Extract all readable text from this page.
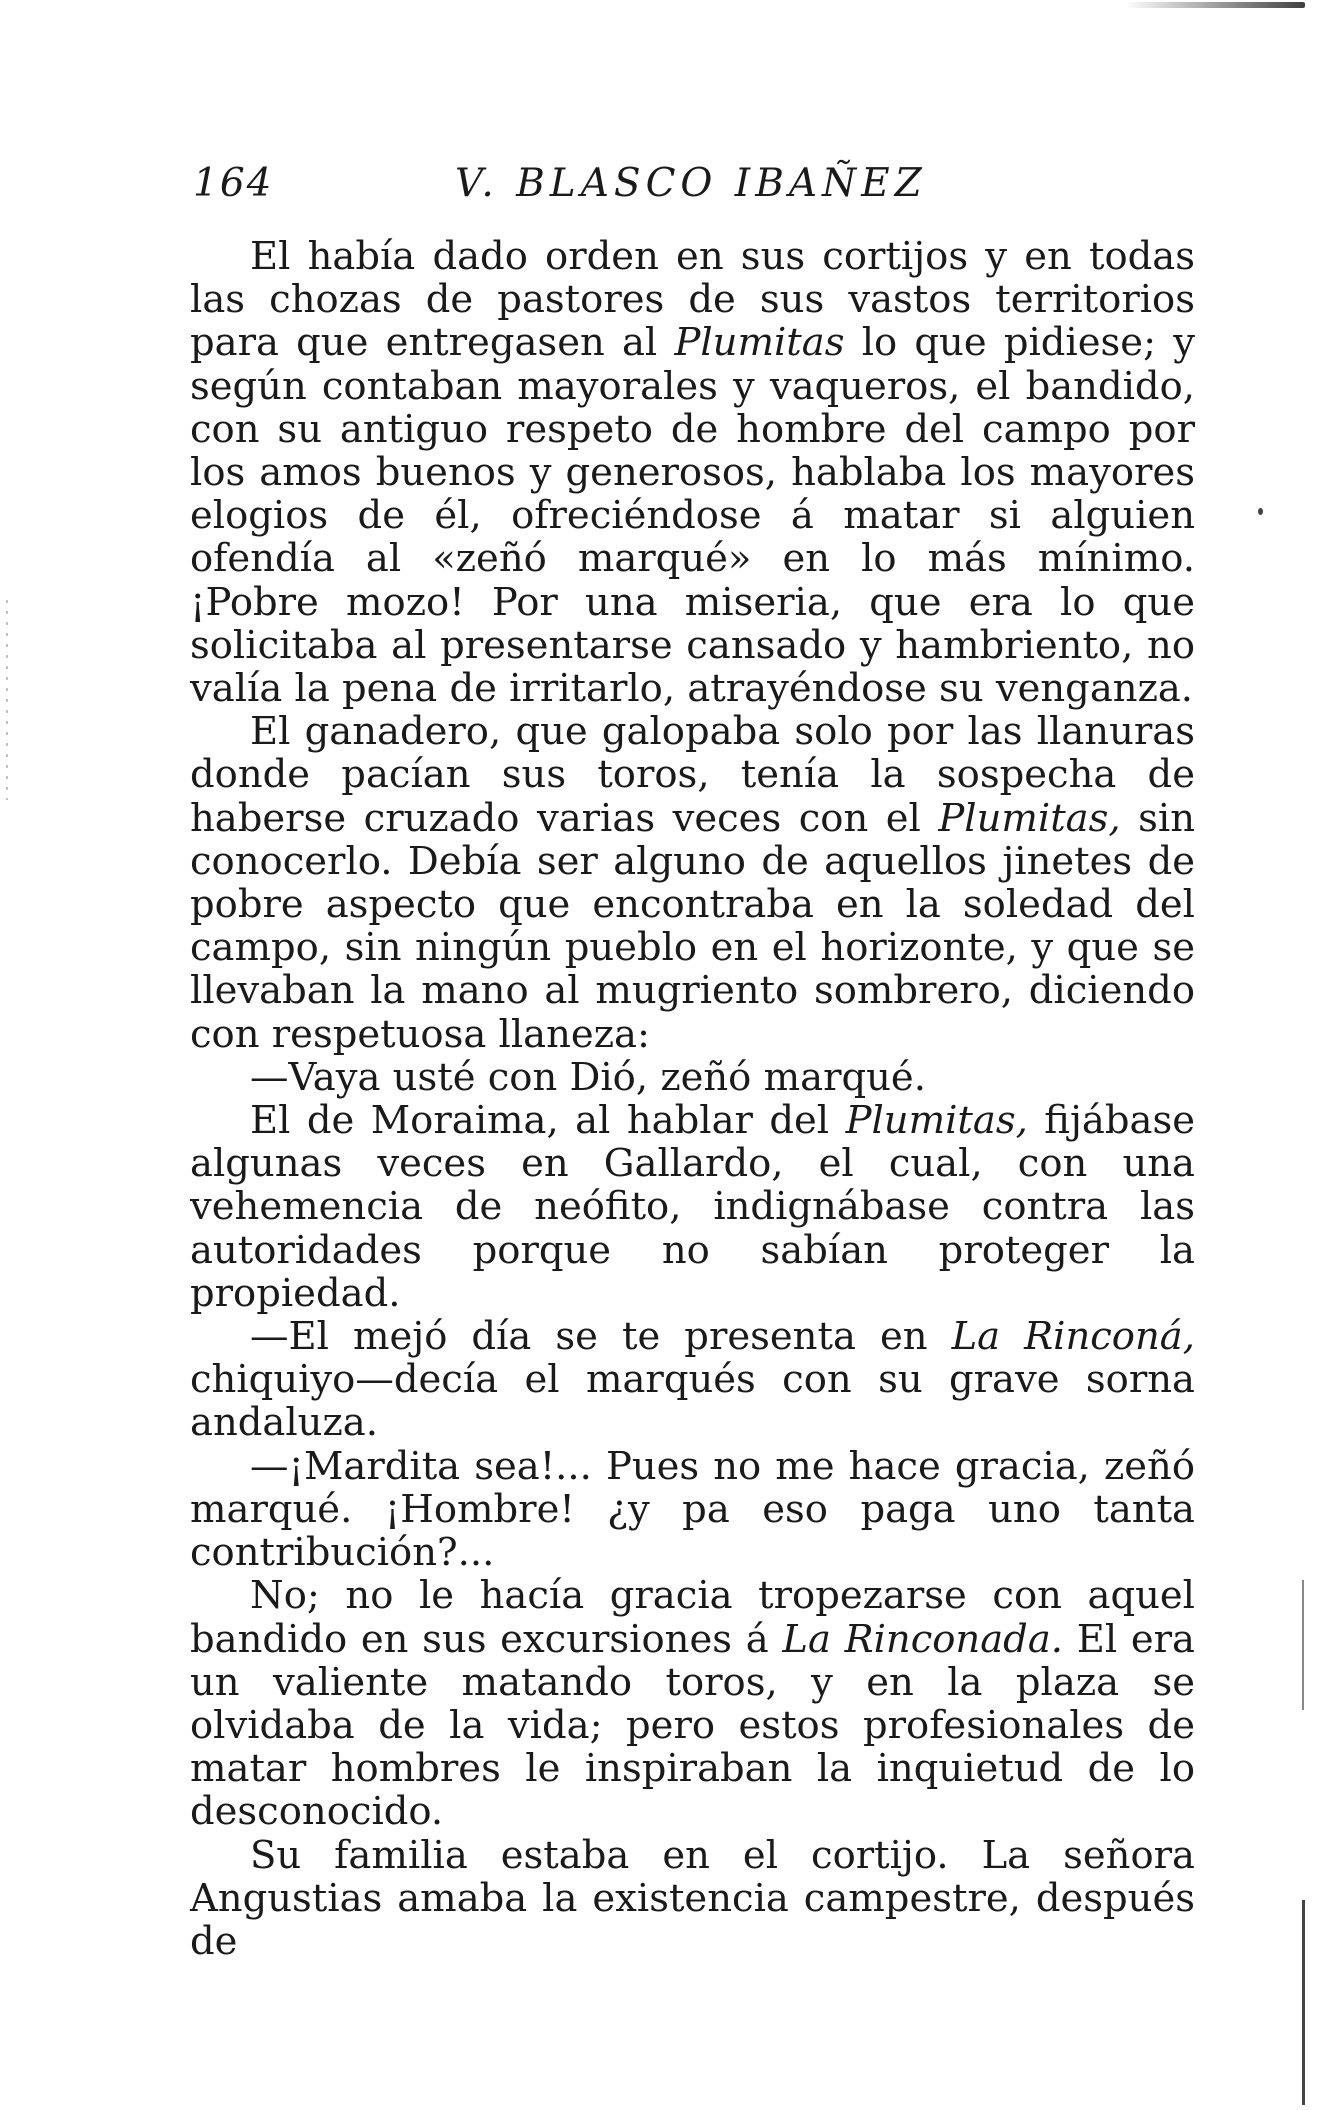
164	V. BLASCO IBAÑEZ

El había dado orden en sus cortijos y en todas las chozas de pastores de sus vastos territorios para que entregasen al Plumitas lo que pidiese; y según contaban mayorales y vaqueros, el bandido, con su antiguo respeto de hombre del campo por los amos buenos y generosos, hablaba los mayores elogios de él, ofreciéndose á matar si alguien ofendía al «zeñó marqué» en lo más mínimo. ¡Pobre mozo! Por una miseria, que era lo que solicitaba al presentarse cansado y hambriento, no valía la pena de irritarlo, atrayéndose su venganza.

El ganadero, que galopaba solo por las llanuras donde pacían sus toros, tenía la sospecha de haberse cruzado varias veces con el Plumitas, sin conocerlo. Debía ser alguno de aquellos jinetes de pobre aspecto que encontraba en la soledad del campo, sin ningún pueblo en el horizonte, y que se llevaban la mano al mugriento sombrero, diciendo con respetuosa llaneza:

—Vaya usté con Dió, zeñó marqué.

El de Moraima, al hablar del Plumitas, fijábase algunas veces en Gallardo, el cual, con una vehemencia de neófito, indignábase contra las autoridades porque no sabían proteger la propiedad.

—El mejó día se te presenta en La Rinconá, chiquiyo—decía el marqués con su grave sorna andaluza.

—¡Mardita sea!... Pues no me hace gracia, zeñó marqué. ¡Hombre! ¿y pa eso paga uno tanta contribución?...

No; no le hacía gracia tropezarse con aquel bandido en sus excursiones á La Rinconada. El era un valiente matando toros, y en la plaza se olvidaba de la vida; pero estos profesionales de matar hombres le inspiraban la inquietud de lo desconocido.

Su familia estaba en el cortijo. La señora Angustias amaba la existencia campestre, después de
